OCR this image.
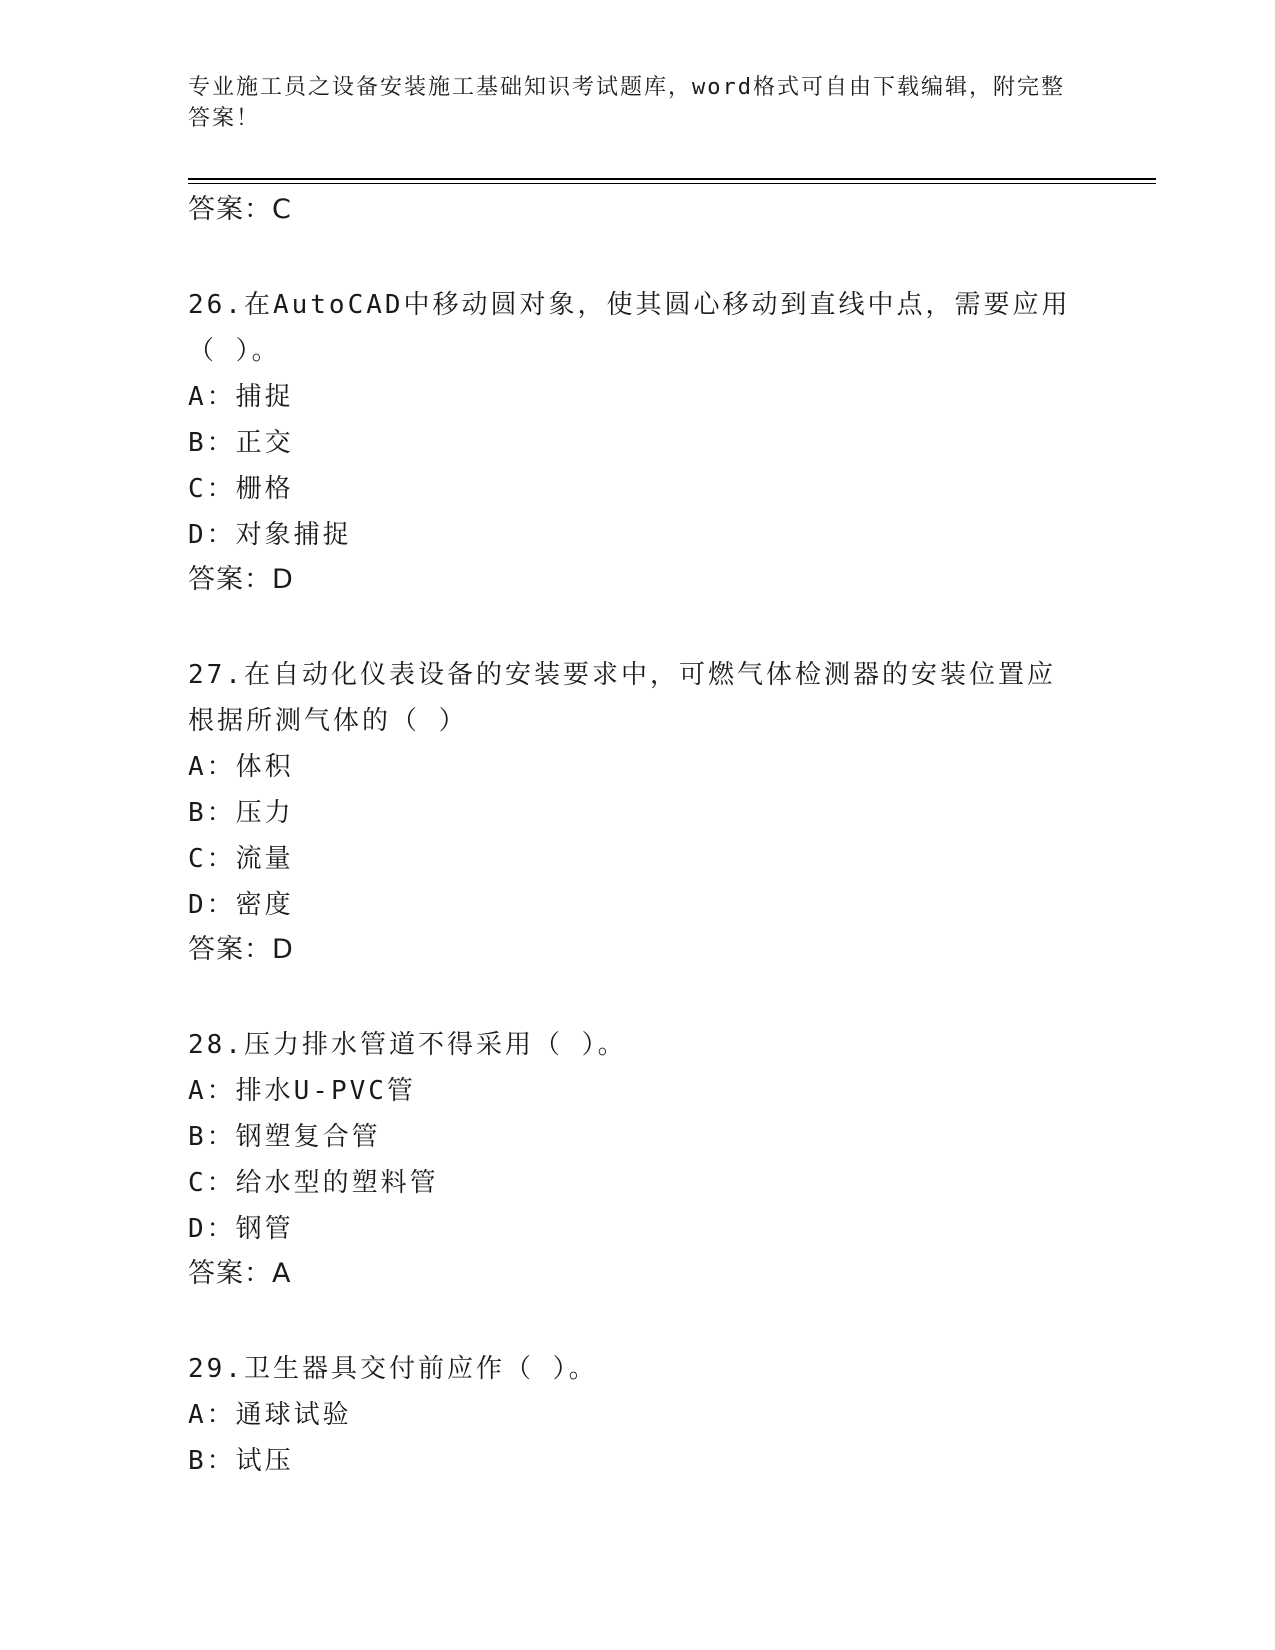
专业施工员之设备安装施工基础知识考试题库，word格式可自由下载编辑，附完整答案！
答案：C
26.在AutoCAD中移动圆对象，使其圆心移动到直线中点，需要应用（ ）。
A：捕捉
B：正交
C：栅格
D：对象捕捉
答案：D
27.在自动化仪表设备的安装要求中，可燃气体检测器的安装位置应根据所测气体的（ ）
A：体积
B：压力
C：流量
D：密度
答案：D
28.压力排水管道不得采用（ ）。
A：排水U-PVC管
B：钢塑复合管
C：给水型的塑料管
D：钢管
答案：A
29.卫生器具交付前应作（ ）。
A：通球试验
B：试压
